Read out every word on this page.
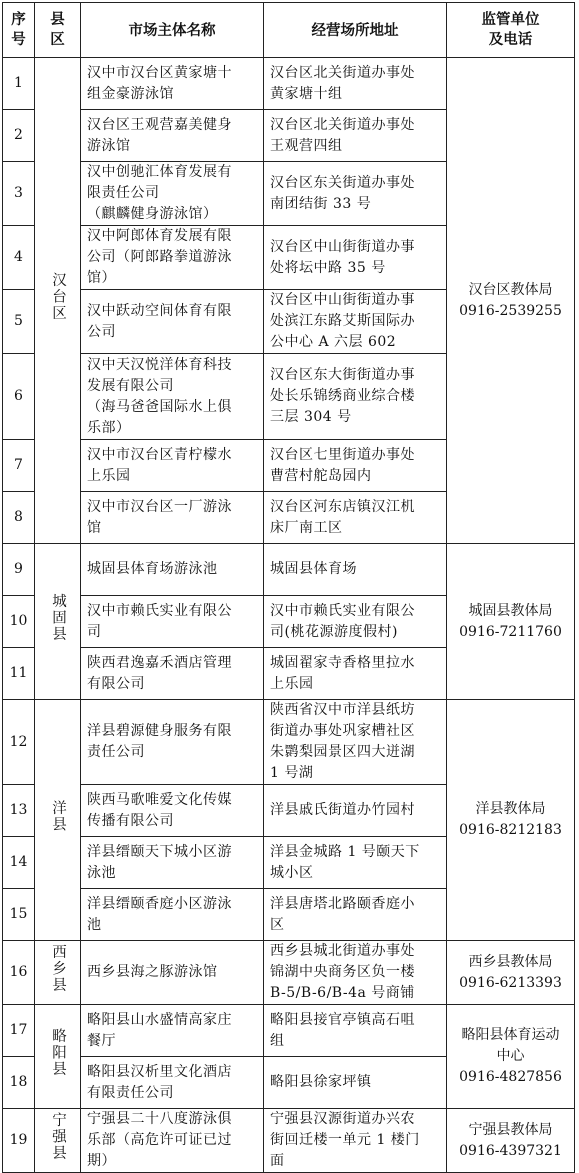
序号	县区	市场主体名称	经营场所地址	监管单位
及电话

1	汉台区	汉中市汉台区黄家塘十
组金豪游泳馆	汉台区北关街道办事处
黄家塘十组	汉台区教体局
0916-2539255

2		汉台区王观营嘉美健身
游泳馆	汉台区北关街道办事处
王观营四组	

3		汉中创驰汇体育发展有
限责任公司
（麒麟健身游泳馆）	汉台区东关街道办事处
南团结街 33 号	

4		汉中阿郎体育发展有限
公司（阿郎路拳道游泳
馆）	汉台区中山街街道办事
处将坛中路 35 号	

5		汉中跃动空间体育有限
公司	汉台区中山街街道办事
处滨江东路艾斯国际办
公中心 A 六层 602	

6		汉中天汉悦洋体育科技
发展有限公司
（海马爸爸国际水上俱
乐部）	汉台区东大街街道办事
处长乐锦绣商业综合楼
三层 304 号	

7		汉中市汉台区青柠檬水
上乐园	汉台区七里街道办事处
曹营村舵岛园内	

8		汉中市汉台区一厂游泳
馆	汉台区河东店镇汉江机
床厂南工区	

9	城固县	城固县体育场游泳池	城固县体育场	城固县教体局
0916-7211760

10		汉中市赖氏实业有限公
司	汉中市赖氏实业有限公
司(桃花源游度假村)	

11		陕西君逸嘉禾酒店管理
有限公司	城固翟家寺香格里拉水
上乐园	

12	洋县	洋县碧源健身服务有限
责任公司	陕西省汉中市洋县纸坊
街道办事处巩家槽社区
朱鹮梨园景区四大迸湖
1 号湖	洋县教体局
0916-8212183

13		陕西马歌唯爱文化传媒
传播有限公司	洋县戚氏街道办竹园村	

14		洋县缙颐天下城小区游
泳池	洋县金城路 1 号颐天下
城小区	

15		洋县缙颐香庭小区游泳
池	洋县唐塔北路颐香庭小
区	

16	西乡县	西乡县海之豚游泳馆	西乡县城北街道办事处
锦湖中央商务区负一楼
B-5/B-6/B-4a 号商铺	西乡县教体局
0916-6213393

17	略阳县	略阳县山水盛情高家庄
餐厅	略阳县接官亭镇高石咀
组	略阳县体育运动
中心
0916-4827856

18		略阳县汉析里文化酒店
有限责任公司	略阳县徐家坪镇	

19	宁强县	宁强县二十八度游泳俱
乐部（高危许可证已过
期）	宁强县汉源街道办兴农
街回迁楼一单元 1 楼门
面	宁强县教体局
0916-4397321
